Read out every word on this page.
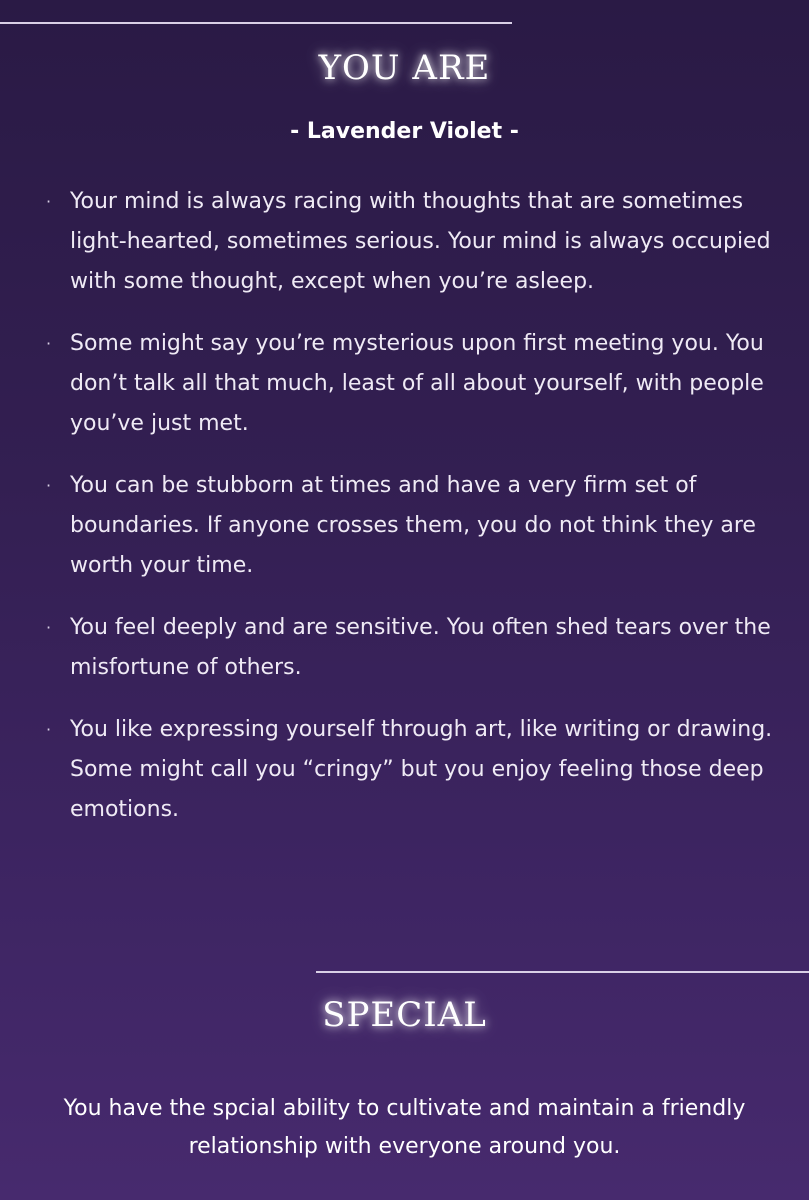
YOU ARE
- Lavender Violet -
· Your mind is always racing with thoughts that are sometimes light-hearted, sometimes serious. Your mind is always occupied with some thought, except when you’re asleep.
· Some might say you’re mysterious upon first meeting you. You don’t talk all that much, least of all about yourself, with people you’ve just met.
· You can be stubborn at times and have a very firm set of boundaries. If anyone crosses them, you do not think they are worth your time.
· You feel deeply and are sensitive. You often shed tears over the misfortune of others.
· You like expressing yourself through art, like writing or drawing. Some might call you “cringy” but you enjoy feeling those deep emotions.
SPECIAL
You have the spcial ability to cultivate and maintain a friendly relationship with everyone around you.
